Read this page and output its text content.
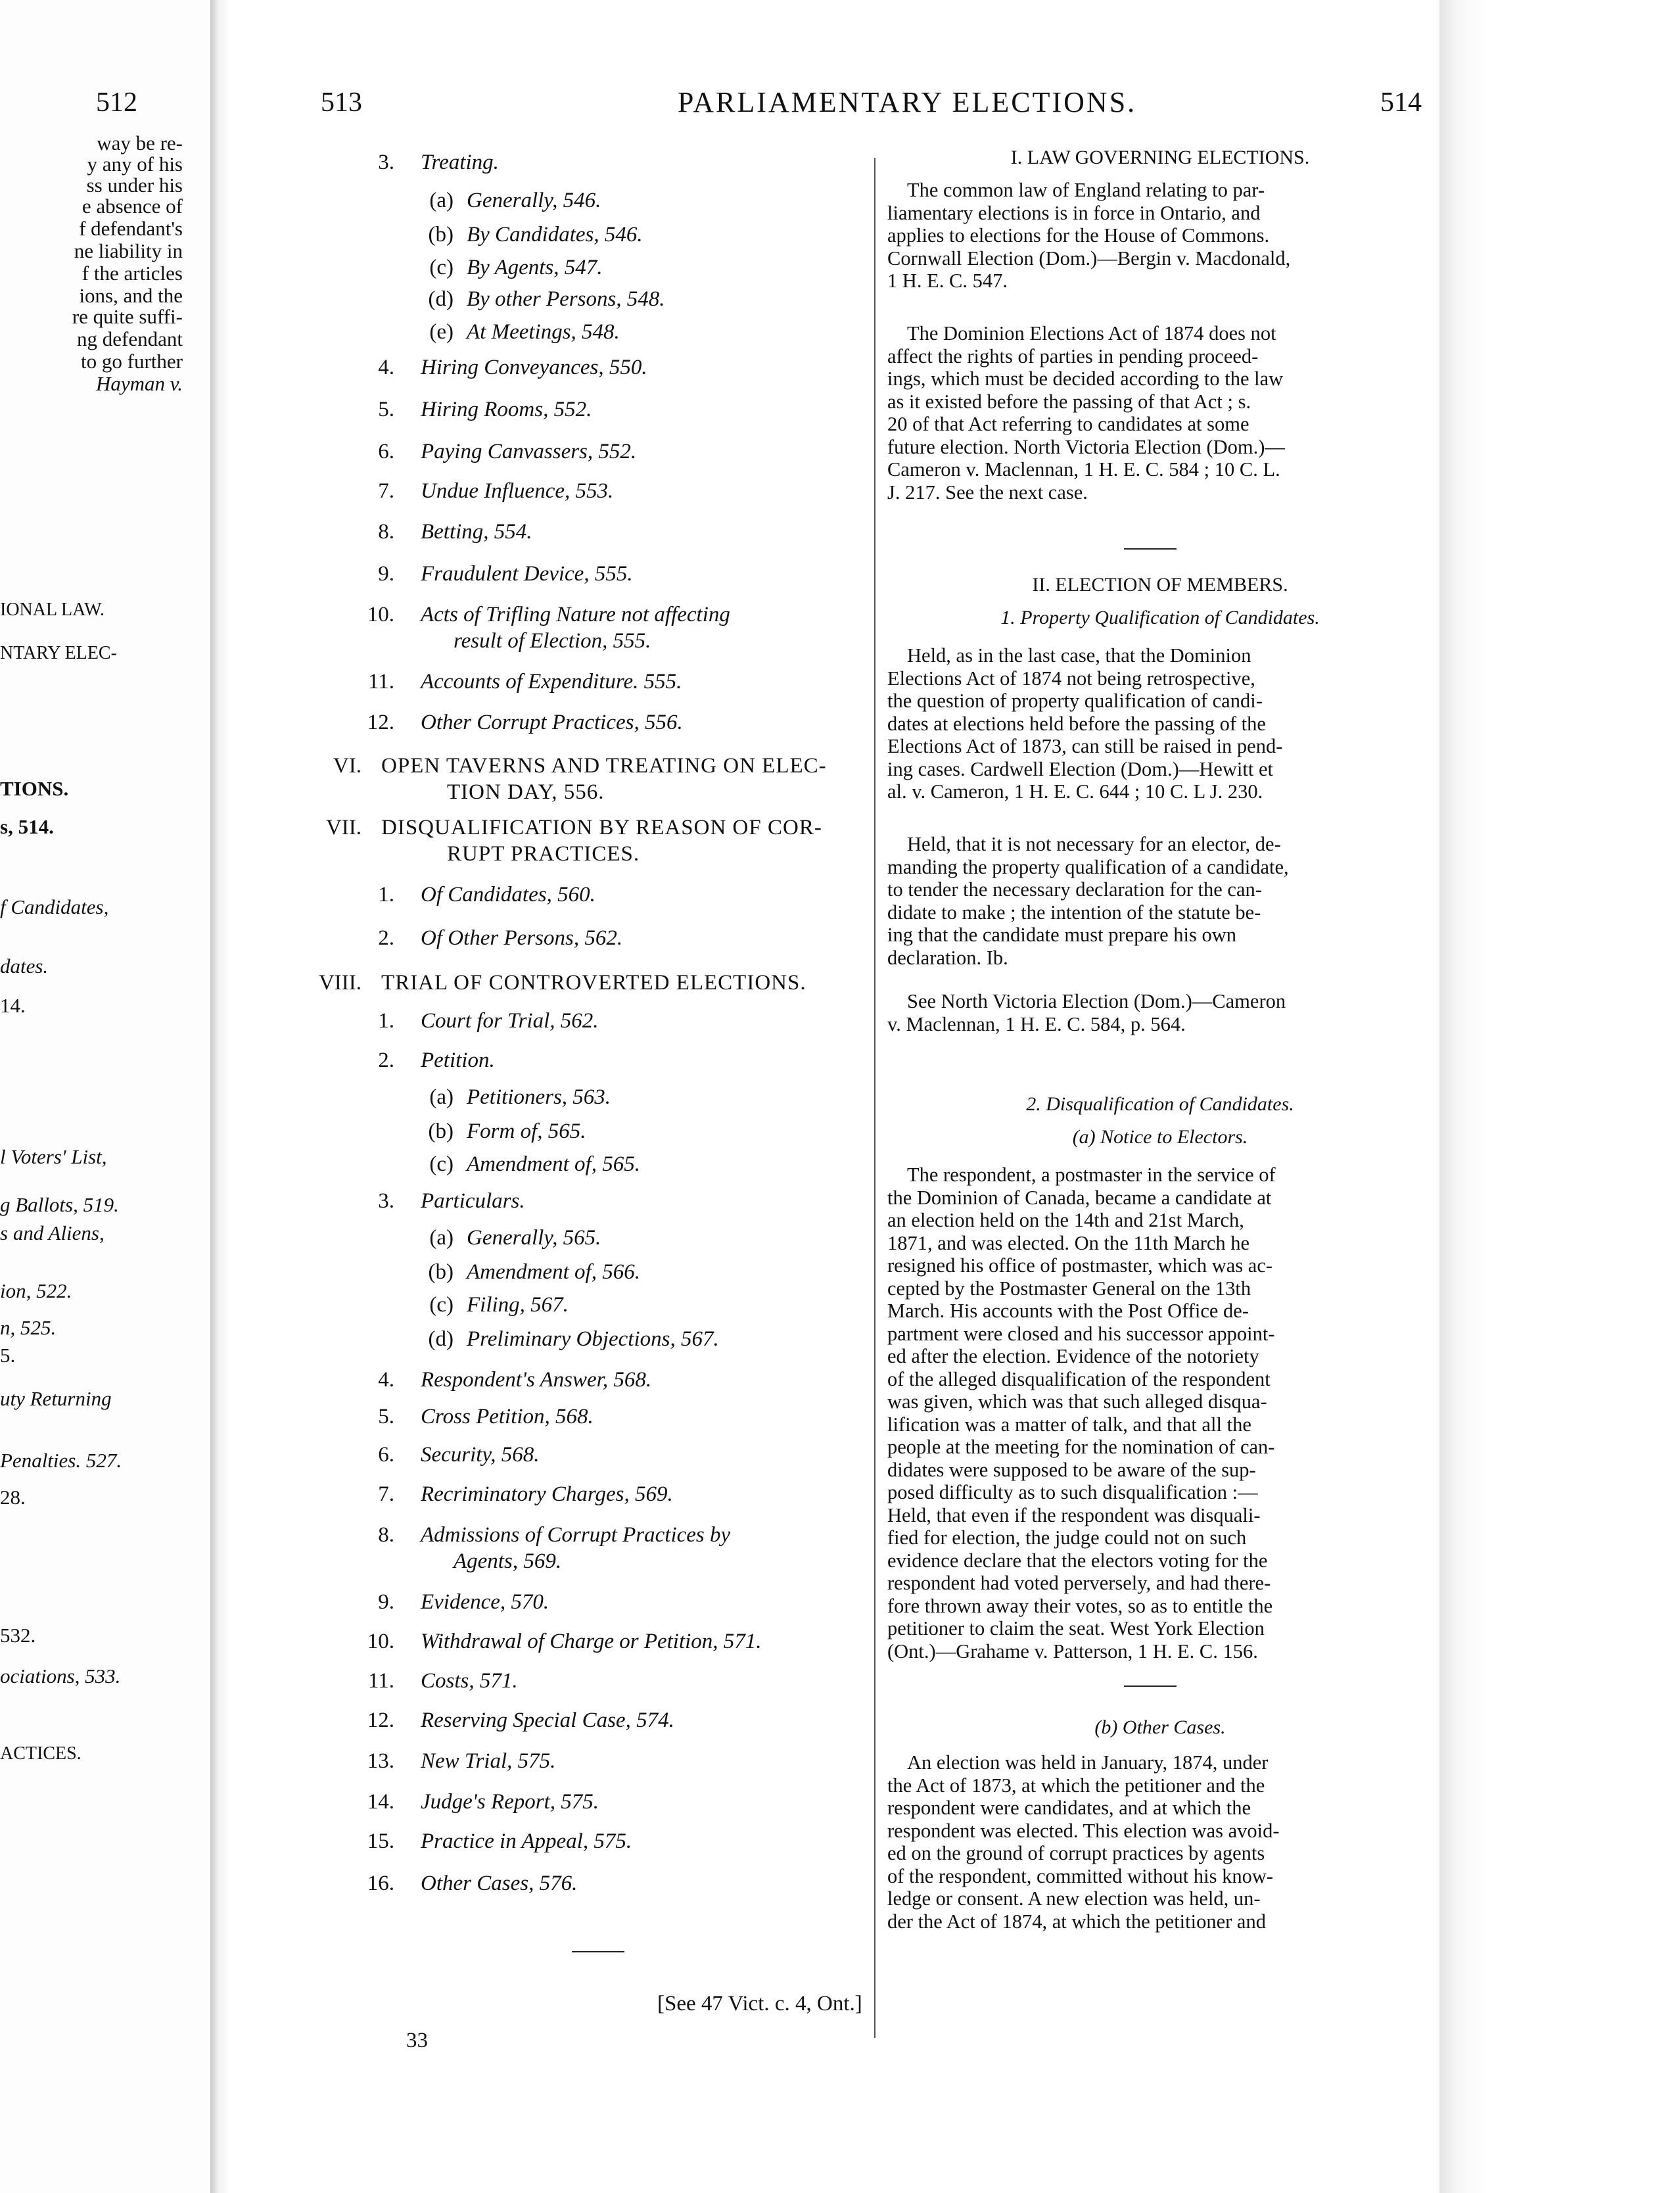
way be re-
y any of his
ss under his
e absence of
f defendant's
ne liability in
f the articles
ions, and the
re quite suffi-
ng defendant
to go further
Hayman v.
IONAL LAW.
NTARY ELEC-
TIONS.
s, 514.
f Candidates,
dates.
14.
l Voters' List,
g Ballots, 519.
s and Aliens,
ion, 522.
n, 525.
5.
uty Returning
Penalties. 527.
28.
532.
ociations, 533.
ACTICES.
512	513	PARLIAMENTARY ELECTIONS.	514
3. Treating.
(a) Generally, 546.
(b) By Candidates, 546.
(c) By Agents, 547.
(d) By other Persons, 548.
(e) At Meetings, 548.
4. Hiring Conveyances, 550.
5. Hiring Rooms, 552.
6. Paying Canvassers, 552.
7. Undue Influence, 553.
8. Betting, 554.
9. Fraudulent Device, 555.
10. Acts of Trifling Nature not affecting
result of Election, 555.
11. Accounts of Expenditure. 555.
12. Other Corrupt Practices, 556.
VI. OPEN TAVERNS AND TREATING ON ELEC-
TION DAY, 556.
VII. DISQUALIFICATION BY REASON OF COR-
RUPT PRACTICES.
1. Of Candidates, 560.
2. Of Other Persons, 562.
VIII. TRIAL OF CONTROVERTED ELECTIONS.
1. Court for Trial, 562.
2. Petition.
(a) Petitioners, 563.
(b) Form of, 565.
(c) Amendment of, 565.
3. Particulars.
(a) Generally, 565.
(b) Amendment of, 566.
(c) Filing, 567.
(d) Preliminary Objections, 567.
4. Respondent's Answer, 568.
5. Cross Petition, 568.
6. Security, 568.
7. Recriminatory Charges, 569.
8. Admissions of Corrupt Practices by
Agents, 569.
9. Evidence, 570.
10. Withdrawal of Charge or Petition, 571.
11. Costs, 571.
12. Reserving Special Case, 574.
13. New Trial, 575.
14. Judge's Report, 575.
15. Practice in Appeal, 575.
16. Other Cases, 576.
[See 47 Vict. c. 4, Ont.]
33
I. LAW GOVERNING ELECTIONS.
The common law of England relating to par-
liamentary elections is in force in Ontario, and
applies to elections for the House of Commons.
Cornwall Election (Dom.)—Bergin v. Macdonald,
1 H. E. C. 547.
The Dominion Elections Act of 1874 does not
affect the rights of parties in pending proceed-
ings, which must be decided according to the law
as it existed before the passing of that Act ; s.
20 of that Act referring to candidates at some
future election. North Victoria Election (Dom.)—
Cameron v. Maclennan, 1 H. E. C. 584 ; 10 C. L.
J. 217. See the next case.
II. ELECTION OF MEMBERS.
1. Property Qualification of Candidates.
Held, as in the last case, that the Dominion
Elections Act of 1874 not being retrospective,
the question of property qualification of candi-
dates at elections held before the passing of the
Elections Act of 1873, can still be raised in pend-
ing cases. Cardwell Election (Dom.)—Hewitt et
al. v. Cameron, 1 H. E. C. 644 ; 10 C. L J. 230.
Held, that it is not necessary for an elector, de-
manding the property qualification of a candidate,
to tender the necessary declaration for the can-
didate to make ; the intention of the statute be-
ing that the candidate must prepare his own
declaration. Ib.
See North Victoria Election (Dom.)—Cameron
v. Maclennan, 1 H. E. C. 584, p. 564.
2. Disqualification of Candidates.
(a) Notice to Electors.
The respondent, a postmaster in the service of
the Dominion of Canada, became a candidate at
an election held on the 14th and 21st March,
1871, and was elected. On the 11th March he
resigned his office of postmaster, which was ac-
cepted by the Postmaster General on the 13th
March. His accounts with the Post Office de-
partment were closed and his successor appoint-
ed after the election. Evidence of the notoriety
of the alleged disqualification of the respondent
was given, which was that such alleged disqua-
lification was a matter of talk, and that all the
people at the meeting for the nomination of can-
didates were supposed to be aware of the sup-
posed difficulty as to such disqualification :—
Held, that even if the respondent was disquali-
fied for election, the judge could not on such
evidence declare that the electors voting for the
respondent had voted perversely, and had there-
fore thrown away their votes, so as to entitle the
petitioner to claim the seat. West York Election
(Ont.)—Grahame v. Patterson, 1 H. E. C. 156.
(b) Other Cases.
An election was held in January, 1874, under
the Act of 1873, at which the petitioner and the
respondent were candidates, and at which the
respondent was elected. This election was avoid-
ed on the ground of corrupt practices by agents
of the respondent, committed without his know-
ledge or consent. A new election was held, un-
der the Act of 1874, at which the petitioner and
